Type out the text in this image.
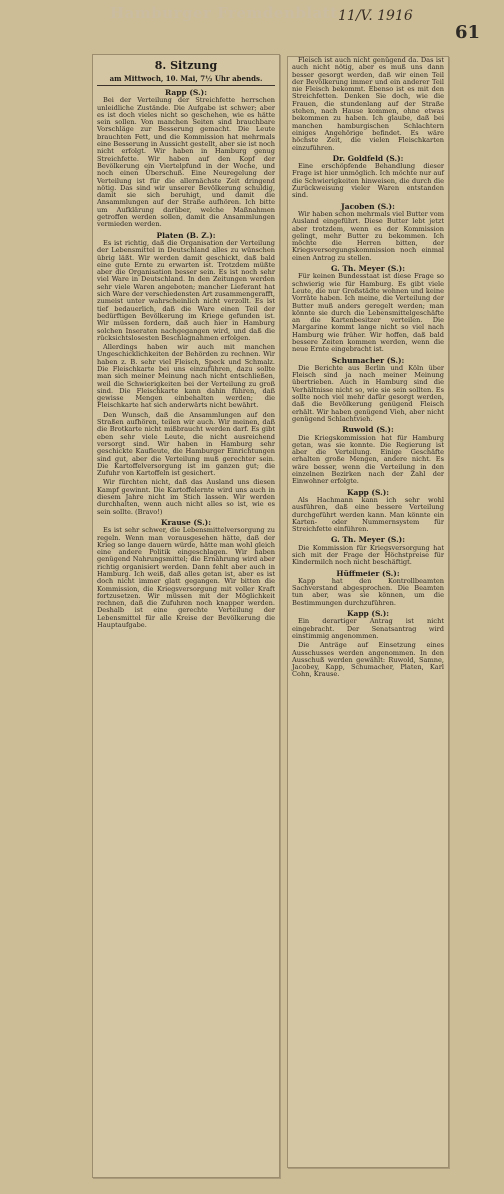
Hamburger Fremdenblatt 11/V. 1916
61
8. Sitzung
am Mittwoch, 10. Mai, 7½ Uhr abends.
Rapp (S.):
Bei der Verteilung der Streichfette herrschen unleidliche Zustände. Die Aufgabe ist schwer; aber es ist doch vieles nicht so geschehen, wie es hätte sein sollen. Von manchen Seiten sind brauchbare Vorschläge zur Besserung gemacht. Die Leute brauchten Fett, und die Kommission hat mehrmals eine Besserung in Aussicht gestellt, aber sie ist noch nicht erfolgt. Wir haben in Hamburg genug Streichfette. Wir haben auf den Kopf der Bevölkerung ein Viertelpfund in der Woche, und noch einen Überschuß. Eine Neuregelung der Verteilung ist für die allernächste Zeit dringend nötig. Das sind wir unserer Bevölkerung schuldig, damit sie sich beruhigt, und damit die Ansammlungen auf der Straße aufhören. Ich bitte um Aufklärung darüber, welche Maßnahmen getroffen werden sollen, damit die Ansammlungen vermieden werden.
Platen (B. Z.):
Es ist richtig, daß die Organisation der Verteilung der Lebensmittel in Deutschland alles zu wünschen übrig läßt. Wir werden damit geschickt, daß bald eine gute Ernte zu erwarten ist. Trotzdem müßte aber die Organisation besser sein. Es ist noch sehr viel Ware in Deutschland. In den Zeitungen werden sehr viele Waren angeboten; mancher Lieferant hat sich Ware der verschiedensten Art zusammengerafft, zumeist unter wahrscheinlich nicht verzollt. Es ist tief bedauerlich, daß die Ware einen Teil der bedürftigen Bevölkerung im Kriege gefunden ist. Wir müssen fordern, daß auch hier in Hamburg solchen Inseraten nachgegangen wird, und daß die rücksichtslosesten Beschlagnahmen erfolgen.
Allerdings haben wir auch mit manchen Ungeschicklichkeiten der Behörden zu rechnen. Wir haben z. B. sehr viel Fleisch, Speck und Schmalz. Die Fleischkarte bei uns einzuführen, dazu sollte man sich meiner Meinung nach nicht entschließen, weil die Schwierigkeiten bei der Verteilung zu groß sind. Die Fleischkarte kann dahin führen, daß gewisse Mengen einbehalten werden; die Fleischkarte hat sich anderwärts nicht bewährt.
Den Wunsch, daß die Ansammlungen auf den Straßen aufhören, teilen wir auch. Wir meinen, daß die Brotkarte nicht mißbraucht werden darf. Es gibt eben sehr viele Leute, die nicht ausreichend versorgt sind. Wir haben in Hamburg sehr geschickte Kaufleute, die Hamburger Einrichtungen sind gut, aber die Verteilung muß gerechter sein. Die Kartoffelversorgung ist im ganzen gut; die Zufuhr von Kartoffeln ist gesichert.
Wir fürchten nicht, daß das Ausland uns diesen Kampf gewinnt. Die Kartoffelernte wird uns auch in diesem Jahre nicht im Stich lassen. Wir werden durchhalten, wenn auch nicht alles so ist, wie es sein sollte. (Bravo!)
Krause (S.):
Es ist sehr schwer, die Lebensmittelversorgung zu regeln. Wenn man vorausgesehen hätte, daß der Krieg so lange dauern würde, hätte man wohl gleich eine andere Politik eingeschlagen. Wir haben genügend Nahrungsmittel; die Ernährung wird aber richtig organisiert werden. Dann fehlt aber auch in Hamburg. Ich weiß, daß alles getan ist, aber es ist doch nicht immer glatt gegangen. Wir bitten die Kommission, die Kriegsversorgung mit voller Kraft fortzusetzen. Wir müssen mit der Möglichkeit rechnen, daß die Zufuhren noch knapper werden. Deshalb ist eine gerechte Verteilung der Lebensmittel für alle Kreise der Bevölkerung die Hauptaufgabe.
Fleisch ist auch nicht genügend da. Das ist auch nicht nötig, aber es muß uns dann besser gesorgt werden, daß wir einen Teil der Bevölkerung immer und ein anderer Teil nie Fleisch bekommt. Ebenso ist es mit den Streichfetten. Denken Sie doch, wie die Frauen, die stundenlang auf der Straße stehen, nach Hause kommen, ohne etwas bekommen zu haben. Ich glaube, daß bei manchen hamburgischen Schlachtern einiges Angehörige befindet. Es wäre höchste Zeit, die vielen Fleischkarten einzuführen.
Dr. Goldfeld (S.):
Eine erschöpfende Behandlung dieser Frage ist hier unmöglich. Ich möchte nur auf die Schwierigkeiten hinweisen, die durch die Zurückweisung vieler Waren entstanden sind.
Jacoben (S.):
Wir haben schon mehrmals viel Butter vom Ausland eingeführt. Diese Butter lebt jetzt aber trotzdem, wenn es der Kommission gelingt, mehr Butter zu bekommen. Ich möchte die Herren bitten, der Kriegsversorgungskommission noch einmal einen Antrag zu stellen.
G. Th. Meyer (S.):
Für keinen Bundesstaat ist diese Frage so schwierig wie für Hamburg. Es gibt viele Leute, die nur Großstädte wohnen und keine Vorräte haben. Ich meine, die Verteilung der Butter muß anders geregelt werden; man könnte sie durch die Lebensmittelgeschäfte an die Kartenbesitzer verteilen. Die Margarine kommt lange nicht so viel nach Hamburg wie früher. Wir hoffen, daß bald bessere Zeiten kommen werden, wenn die neue Ernte eingebracht ist.
Schumacher (S.):
Die Berichte aus Berlin und Köln über Fleisch sind ja nach meiner Meinung übertrieben. Auch in Hamburg sind die Verhältnisse nicht so, wie sie sein sollten. Es sollte noch viel mehr dafür gesorgt werden, daß die Bevölkerung genügend Fleisch erhält. Wir haben genügend Vieh, aber nicht genügend Schlachtvieh.
Ruwold (S.):
Die Kriegskommission hat für Hamburg getan, was sie konnte. Die Regierung ist aber die Verteilung. Einige Geschäfte erhalten große Mengen, andere nicht. Es wäre besser, wenn die Verteilung in den einzelnen Bezirken nach der Zahl der Einwohner erfolgte.
Kapp (S.):
Als Hachmann kann ich sehr wohl ausführen, daß eine bessere Verteilung durchgeführt werden kann. Man könnte ein Karten- oder Nummernsystem für Streichfette einführen.
G. Th. Meyer (S.):
Die Kommission für Kriegsversorgung hat sich mit der Frage der Höchstpreise für Kindermilch noch nicht beschäftigt.
Hüffmeier (S.):
Kapp hat den Kontrollbeamten Sachverstand abgesprochen. Die Beamten tun aber, was sie können, um die Bestimmungen durchzuführen.
Kapp (S.):
Ein derartiger Antrag ist nicht eingebracht. Der Senatsantrag wird einstimmig angenommen.
Die Anträge auf Einsetzung eines Ausschusses werden angenommen. In den Ausschuß werden gewählt: Ruwold, Samne, Jacobey, Kapp, Schumacher, Platen, Karl Cohn, Krause.
